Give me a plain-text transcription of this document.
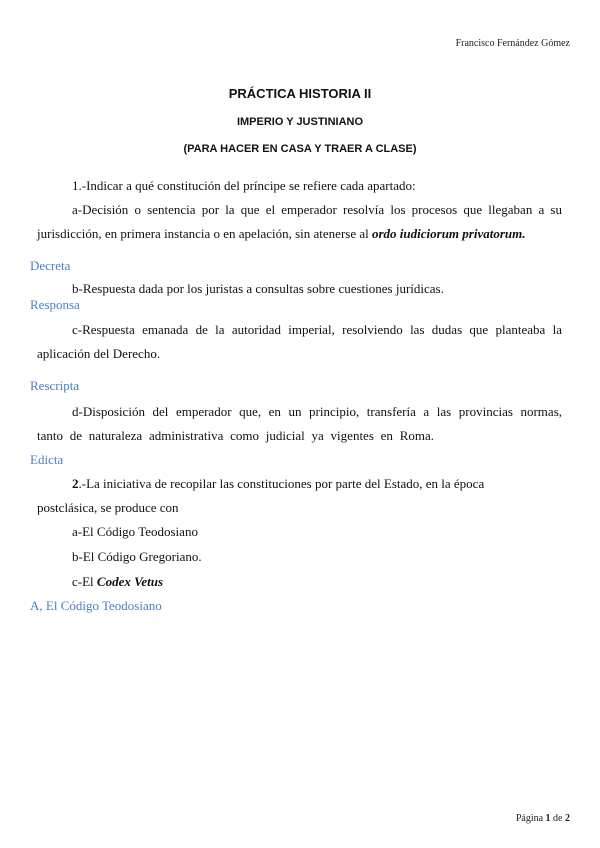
Francisco Fernández Gómez
PRÁCTICA HISTORIA II
IMPERIO Y JUSTINIANO
(PARA HACER EN CASA Y TRAER A CLASE)
1.-Indicar a qué constitución del príncipe se refiere cada apartado:
a-Decisión o sentencia por la que el emperador resolvía los procesos que llegaban a su
jurisdicción, en primera instancia o en apelación, sin atenerse al ordo iudiciorum privatorum.
Decreta
b-Respuesta dada por los juristas a consultas sobre cuestiones jurídicas.
Responsa
c-Respuesta emanada de la autoridad imperial, resolviendo las dudas que planteaba la
aplicación del Derecho.
Rescripta
d-Disposición del emperador que, en un principio, transfería a las provincias normas,
tanto de naturaleza administrativa como judicial ya vigentes en Roma.
Edicta
2.-La iniciativa de recopilar las constituciones por parte del Estado, en la época
postclásica, se produce con
a-El Código Teodosiano
b-El Código Gregoriano.
c-El Codex Vetus
A, El Código Teodosiano
Página 1 de 2
